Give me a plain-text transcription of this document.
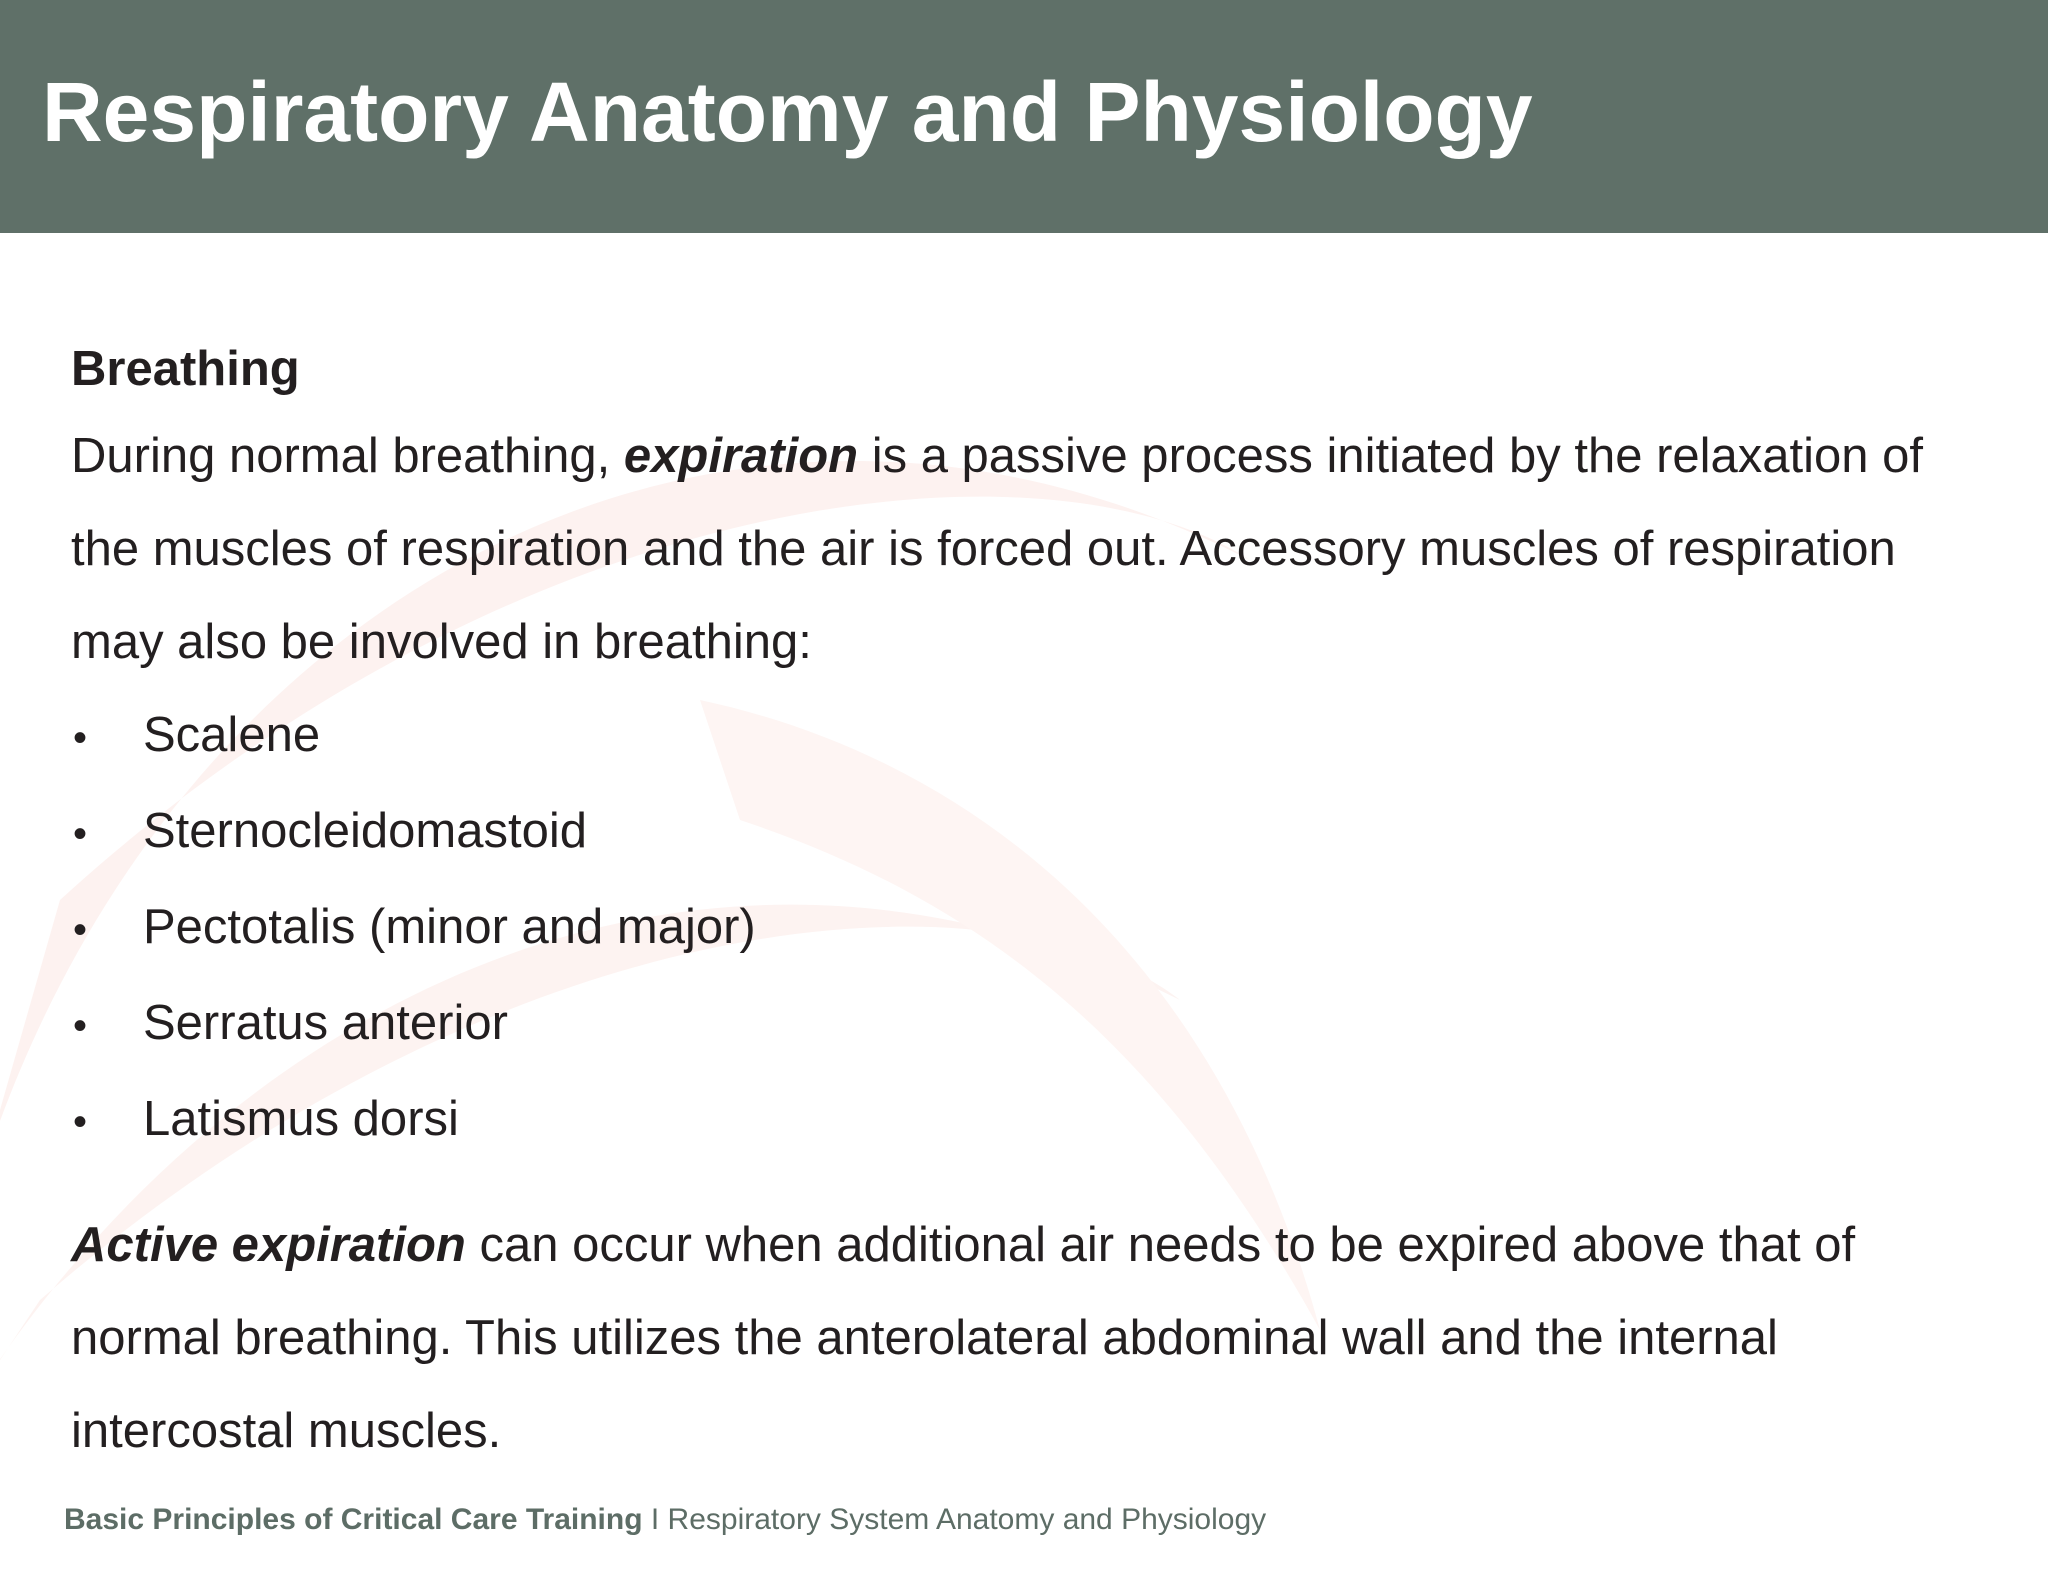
Respiratory Anatomy and Physiology
Breathing

During normal breathing, expiration is a passive process initiated by the relaxation of the muscles of respiration and the air is forced out. Accessory muscles of respiration may also be involved in breathing:

•	Scalene
•	Sternocleidomastoid
•	Pectotalis (minor and major)
•	Serratus anterior
•	Latismus dorsi

Active expiration can occur when additional air needs to be expired above that of normal breathing. This utilizes the anterolateral abdominal wall and the internal intercostal muscles.

Basic Principles of Critical Care Training I Respiratory System Anatomy and Physiology
